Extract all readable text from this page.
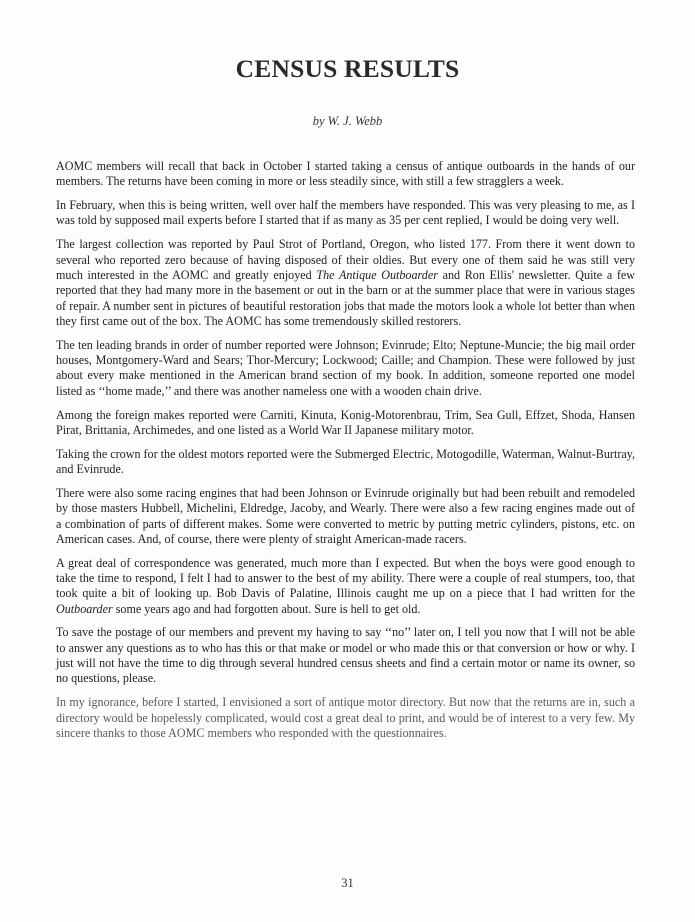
CENSUS RESULTS
by W. J. Webb

AOMC members will recall that back in October I started taking a census of antique outboards in the hands of our members. The returns have been coming in more or less steadily since, with still a few stragglers a week.

In February, when this is being written, well over half the members have responded. This was very pleasing to me, as I was told by supposed mail experts before I started that if as many as 35 per cent replied, I would be doing very well.

The largest collection was reported by Paul Strot of Portland, Oregon, who listed 177. From there it went down to several who reported zero because of having disposed of their oldies. But every one of them said he was still very much interested in the AOMC and greatly enjoyed The Antique Outboarder and Ron Ellis' newsletter. Quite a few reported that they had many more in the basement or out in the barn or at the summer place that were in various stages of repair. A number sent in pictures of beautiful restoration jobs that made the motors look a whole lot better than when they first came out of the box. The AOMC has some tremendously skilled restorers.

The ten leading brands in order of number reported were Johnson; Evinrude; Elto; Neptune-Muncie; the big mail order houses, Montgomery-Ward and Sears; Thor-Mercury; Lockwood; Caille; and Champion. These were followed by just about every make mentioned in the American brand section of my book. In addition, someone reported one model listed as ‘‘home made,’’ and there was another nameless one with a wooden chain drive.

Among the foreign makes reported were Carniti, Kinuta, Konig-Motorenbrau, Trim, Sea Gull, Effzet, Shoda, Hansen Pirat, Brittania, Archimedes, and one listed as a World War II Japanese military motor.

Taking the crown for the oldest motors reported were the Submerged Electric, Motogodille, Waterman, Walnut-Burtray, and Evinrude.

There were also some racing engines that had been Johnson or Evinrude originally but had been rebuilt and remodeled by those masters Hubbell, Michelini, Eldredge, Jacoby, and Wearly. There were also a few racing engines made out of a combination of parts of different makes. Some were converted to metric by putting metric cylinders, pistons, etc. on American cases. And, of course, there were plenty of straight American-made racers.

A great deal of correspondence was generated, much more than I expected. But when the boys were good enough to take the time to respond, I felt I had to answer to the best of my ability. There were a couple of real stumpers, too, that took quite a bit of looking up. Bob Davis of Palatine, Illinois caught me up on a piece that I had written for the Outboarder some years ago and had forgotten about. Sure is hell to get old.

To save the postage of our members and prevent my having to say ‘‘no’’ later on, I tell you now that I will not be able to answer any questions as to who has this or that make or model or who made this or that conversion or how or why. I just will not have the time to dig through several hundred census sheets and find a certain motor or name its owner, so no questions, please.

In my ignorance, before I started, I envisioned a sort of antique motor directory. But now that the returns are in, such a directory would be hopelessly complicated, would cost a great deal to print, and would be of interest to a very few. My sincere thanks to those AOMC members who responded with the questionnaires.

31
